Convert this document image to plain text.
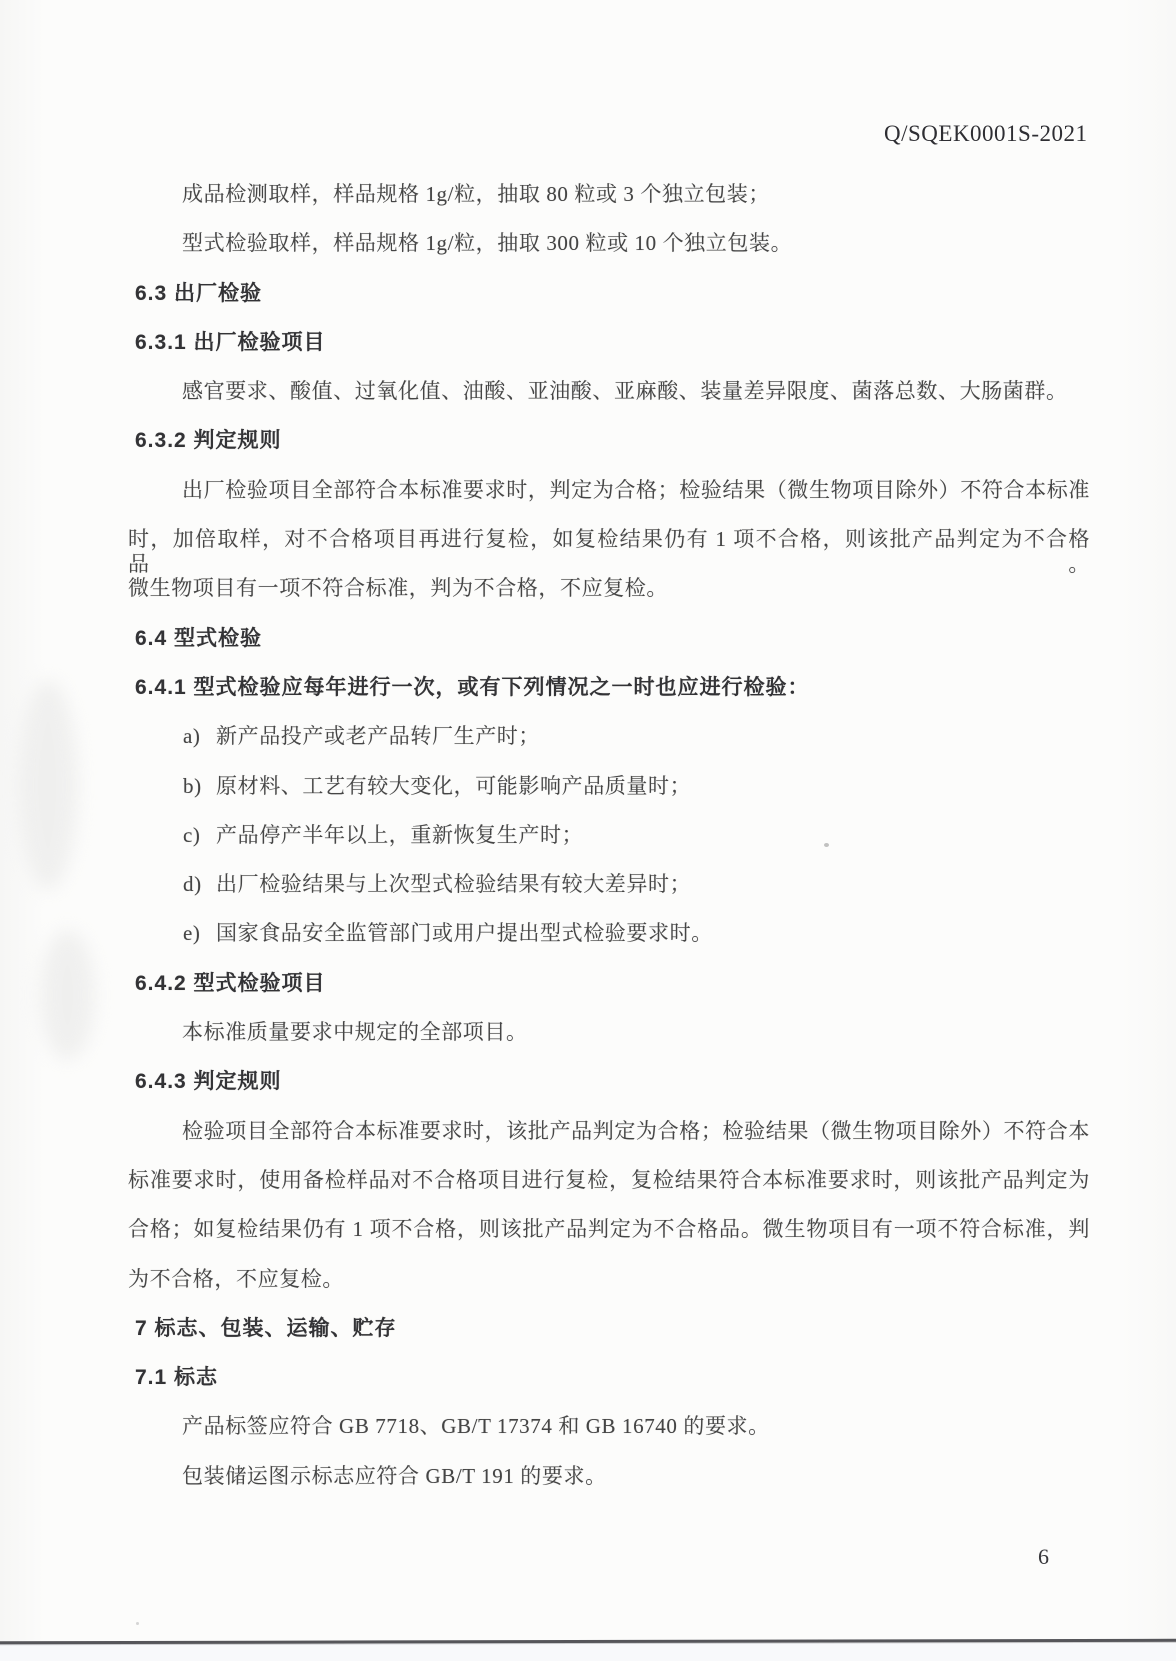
Q/SQEK0001S-2021
成品检测取样，样品规格 1g/粒，抽取 80 粒或 3 个独立包装；
型式检验取样，样品规格 1g/粒，抽取 300 粒或 10 个独立包装。
6.3 出厂检验
6.3.1 出厂检验项目
感官要求、酸值、过氧化值、油酸、亚油酸、亚麻酸、装量差异限度、菌落总数、大肠菌群。
6.3.2 判定规则
出厂检验项目全部符合本标准要求时，判定为合格；检验结果（微生物项目除外）不符合本标准
时，加倍取样，对不合格项目再进行复检，如复检结果仍有 1 项不合格，则该批产品判定为不合格品。
微生物项目有一项不符合标准，判为不合格，不应复检。
6.4 型式检验
6.4.1 型式检验应每年进行一次，或有下列情况之一时也应进行检验：
a) 新产品投产或老产品转厂生产时；
b) 原材料、工艺有较大变化，可能影响产品质量时；
c) 产品停产半年以上，重新恢复生产时；
d) 出厂检验结果与上次型式检验结果有较大差异时；
e) 国家食品安全监管部门或用户提出型式检验要求时。
6.4.2 型式检验项目
本标准质量要求中规定的全部项目。
6.4.3 判定规则
检验项目全部符合本标准要求时，该批产品判定为合格；检验结果（微生物项目除外）不符合本
标准要求时，使用备检样品对不合格项目进行复检，复检结果符合本标准要求时，则该批产品判定为
合格；如复检结果仍有 1 项不合格，则该批产品判定为不合格品。微生物项目有一项不符合标准，判
为不合格，不应复检。
7 标志、包装、运输、贮存
7.1 标志
产品标签应符合 GB 7718、GB/T 17374 和 GB 16740 的要求。
包装储运图示标志应符合 GB/T 191 的要求。
6
